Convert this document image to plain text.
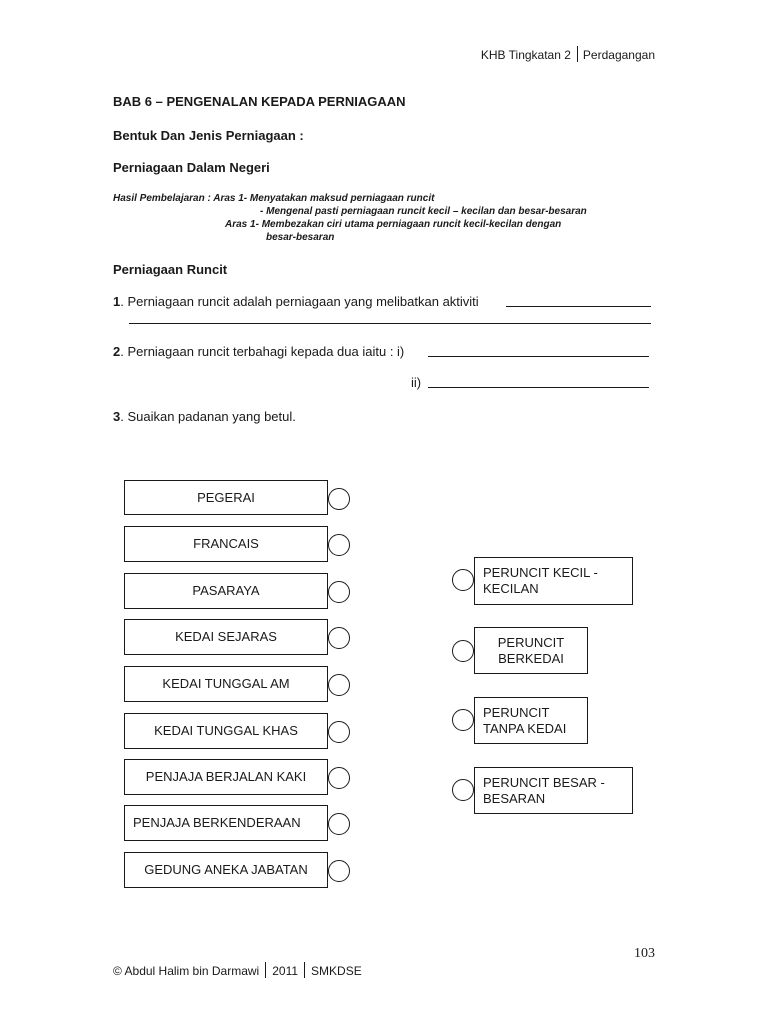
KHB Tingkatan 2 Perdagangan
BAB 6 – PENGENALAN KEPADA PERNIAGAAN
Bentuk Dan Jenis Perniagaan :
Perniagaan Dalam Negeri
Hasil Pembelajaran : Aras 1- Menyatakan maksud perniagaan runcit
- Mengenal pasti perniagaan runcit kecil – kecilan dan besar-besaran
Aras 1- Membezakan ciri utama perniagaan runcit kecil-kecilan dengan
besar-besaran
Perniagaan Runcit
1. Perniagaan runcit adalah perniagaan yang melibatkan aktiviti
2. Perniagaan runcit terbahagi kepada dua iaitu : i)
ii)
3. Suaikan padanan yang betul.
PEGERAI
FRANCAIS
PASARAYA
KEDAI SEJARAS
KEDAI TUNGGAL AM
KEDAI TUNGGAL KHAS
PENJAJA BERJALAN KAKI
PENJAJA BERKENDERAAN
GEDUNG ANEKA JABATAN
PERUNCIT KECIL - KECILAN
PERUNCIT BERKEDAI
PERUNCIT TANPA KEDAI
PERUNCIT BESAR - BESARAN
103
© Abdul Halim bin Darmawi 2011 SMKDSE
